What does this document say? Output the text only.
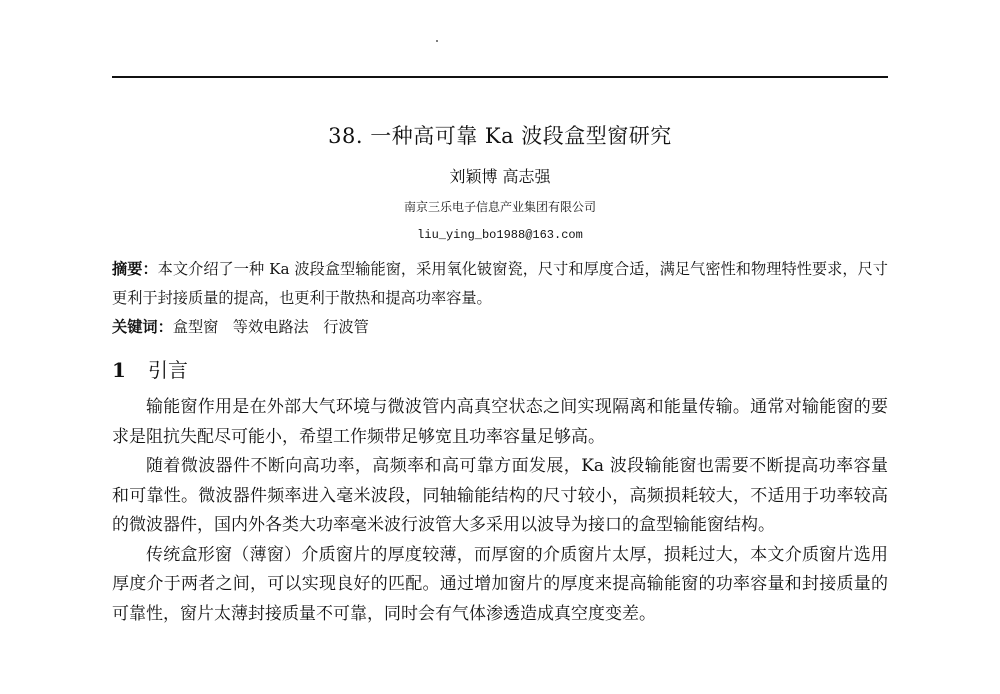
38. 一种高可靠 Ka 波段盒型窗研究
刘颖博 高志强
南京三乐电子信息产业集团有限公司
liu_ying_bo1988@163.com
摘要：本文介绍了一种 Ka 波段盒型输能窗，采用氧化铍窗瓷，尺寸和厚度合适，满足气密性和物理特性要求，尺寸更利于封接质量的提高，也更利于散热和提高功率容量。
关键词：盒型窗   等效电路法   行波管
1 引言

输能窗作用是在外部大气环境与微波管内高真空状态之间实现隔离和能量传输。通常对输能窗的要求是阻抗失配尽可能小，希望工作频带足够宽且功率容量足够高。

随着微波器件不断向高功率，高频率和高可靠方面发展，Ka 波段输能窗也需要不断提高功率容量和可靠性。微波器件频率进入毫米波段，同轴输能结构的尺寸较小，高频损耗较大，不适用于功率较高的微波器件，国内外各类大功率毫米波行波管大多采用以波导为接口的盒型输能窗结构。

传统盒形窗（薄窗）介质窗片的厚度较薄，而厚窗的介质窗片太厚，损耗过大，本文介质窗片选用厚度介于两者之间，可以实现良好的匹配。通过增加窗片的厚度来提高输能窗的功率容量和封接质量的可靠性，窗片太薄封接质量不可靠，同时会有气体渗透造成真空度变差。
